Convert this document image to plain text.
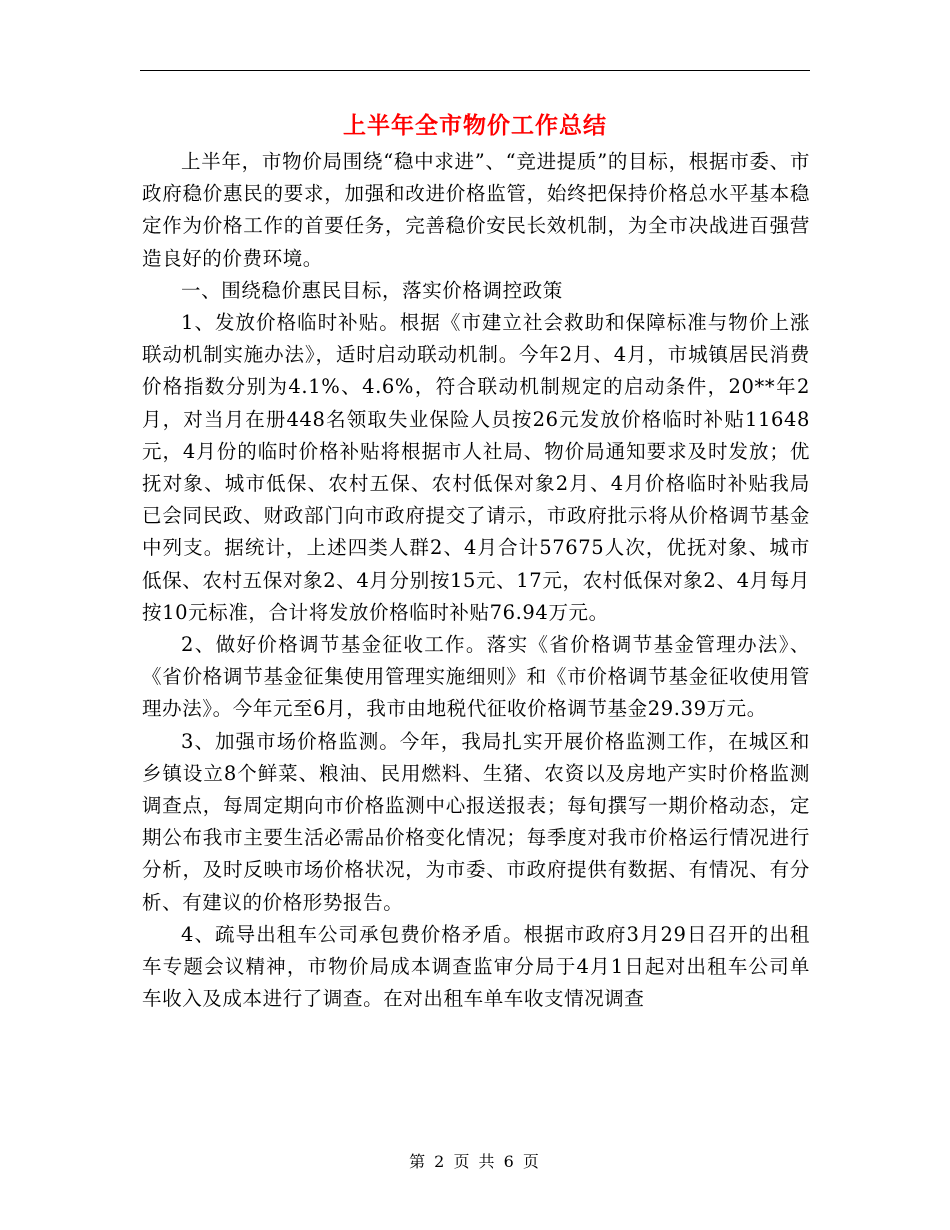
上半年全市物价工作总结

上半年，市物价局围绕“稳中求进”、“竞进提质”的目标，根据市委、市政府稳价惠民的要求，加强和改进价格监管，始终把保持价格总水平基本稳定作为价格工作的首要任务，完善稳价安民长效机制，为全市决战进百强营造良好的价费环境。

一、围绕稳价惠民目标，落实价格调控政策

1、发放价格临时补贴。根据《市建立社会救助和保障标准与物价上涨联动机制实施办法》，适时启动联动机制。今年2月、4月，市城镇居民消费价格指数分别为4.1%、4.6%，符合联动机制规定的启动条件，20**年2月，对当月在册448名领取失业保险人员按26元发放价格临时补贴11648元，4月份的临时价格补贴将根据市人社局、物价局通知要求及时发放；优抚对象、城市低保、农村五保、农村低保对象2月、4月价格临时补贴我局已会同民政、财政部门向市政府提交了请示，市政府批示将从价格调节基金中列支。据统计，上述四类人群2、4月合计57675人次，优抚对象、城市低保、农村五保对象2、4月分别按15元、17元，农村低保对象2、4月每月按10元标准，合计将发放价格临时补贴76.94万元。

2、做好价格调节基金征收工作。落实《省价格调节基金管理办法》、《省价格调节基金征集使用管理实施细则》和《市价格调节基金征收使用管理办法》。今年元至6月，我市由地税代征收价格调节基金29.39万元。

3、加强市场价格监测。今年，我局扎实开展价格监测工作，在城区和乡镇设立8个鲜菜、粮油、民用燃料、生猪、农资以及房地产实时价格监测调查点，每周定期向市价格监测中心报送报表；每旬撰写一期价格动态，定期公布我市主要生活必需品价格变化情况；每季度对我市价格运行情况进行分析，及时反映市场价格状况，为市委、市政府提供有数据、有情况、有分析、有建议的价格形势报告。

4、疏导出租车公司承包费价格矛盾。根据市政府3月29日召开的出租车专题会议精神，市物价局成本调查监审分局于4月1日起对出租车公司单车收入及成本进行了调查。在对出租车单车收支情况调查

第 2 页 共 6 页
